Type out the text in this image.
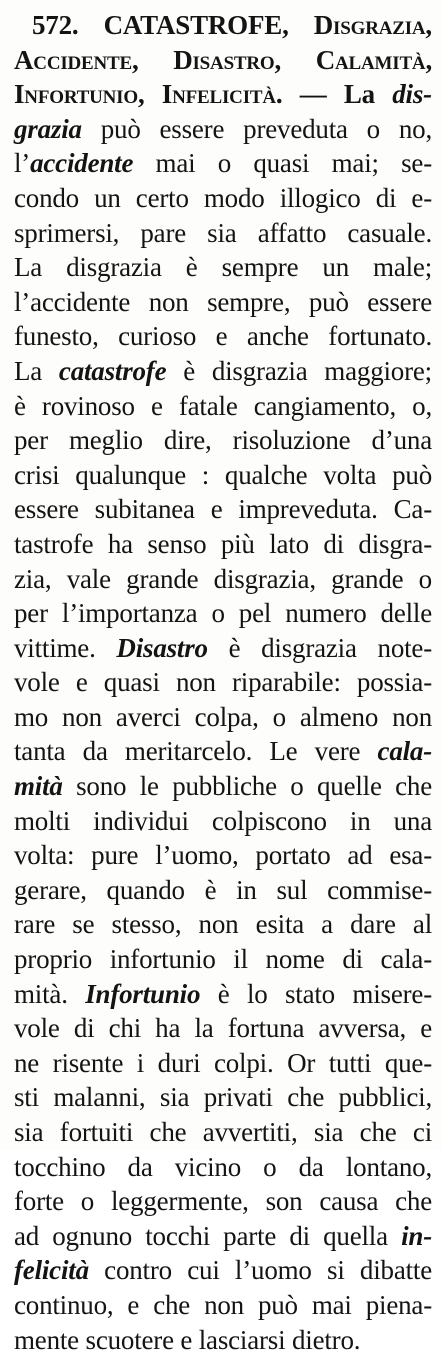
572. CATASTROFE, Disgrazia,
Accidente, Disastro, Calamità,
Infortunio, Infelicità. — La dis-
grazia può essere preveduta o no,
l’accidente mai o quasi mai; se-
condo un certo modo illogico di e-
sprimersi, pare sia affatto casuale.
La disgrazia è sempre un male;
l’accidente non sempre, può essere
funesto, curioso e anche fortunato.
La catastrofe è disgrazia maggiore;
è rovinoso e fatale cangiamento, o,
per meglio dire, risoluzione d’una
crisi qualunque : qualche volta può
essere subitanea e impreveduta. Ca-
tastrofe ha senso più lato di disgra-
zia, vale grande disgrazia, grande o
per l’importanza o pel numero delle
vittime. Disastro è disgrazia note-
vole e quasi non riparabile: possia-
mo non averci colpa, o almeno non
tanta da meritarcelo. Le vere cala-
mità sono le pubbliche o quelle che
molti individui colpiscono in una
volta: pure l’uomo, portato ad esa-
gerare, quando è in sul commise-
rare se stesso, non esita a dare al
proprio infortunio il nome di cala-
mità. Infortunio è lo stato misere-
vole di chi ha la fortuna avversa, e
ne risente i duri colpi. Or tutti que-
sti malanni, sia privati che pubblici,
sia fortuiti che avvertiti, sia che ci
tocchino da vicino o da lontano,
forte o leggermente, son causa che
ad ognuno tocchi parte di quella in-
felicità contro cui l’uomo si dibatte
continuo, e che non può mai piena-
mente scuotere e lasciarsi dietro.
